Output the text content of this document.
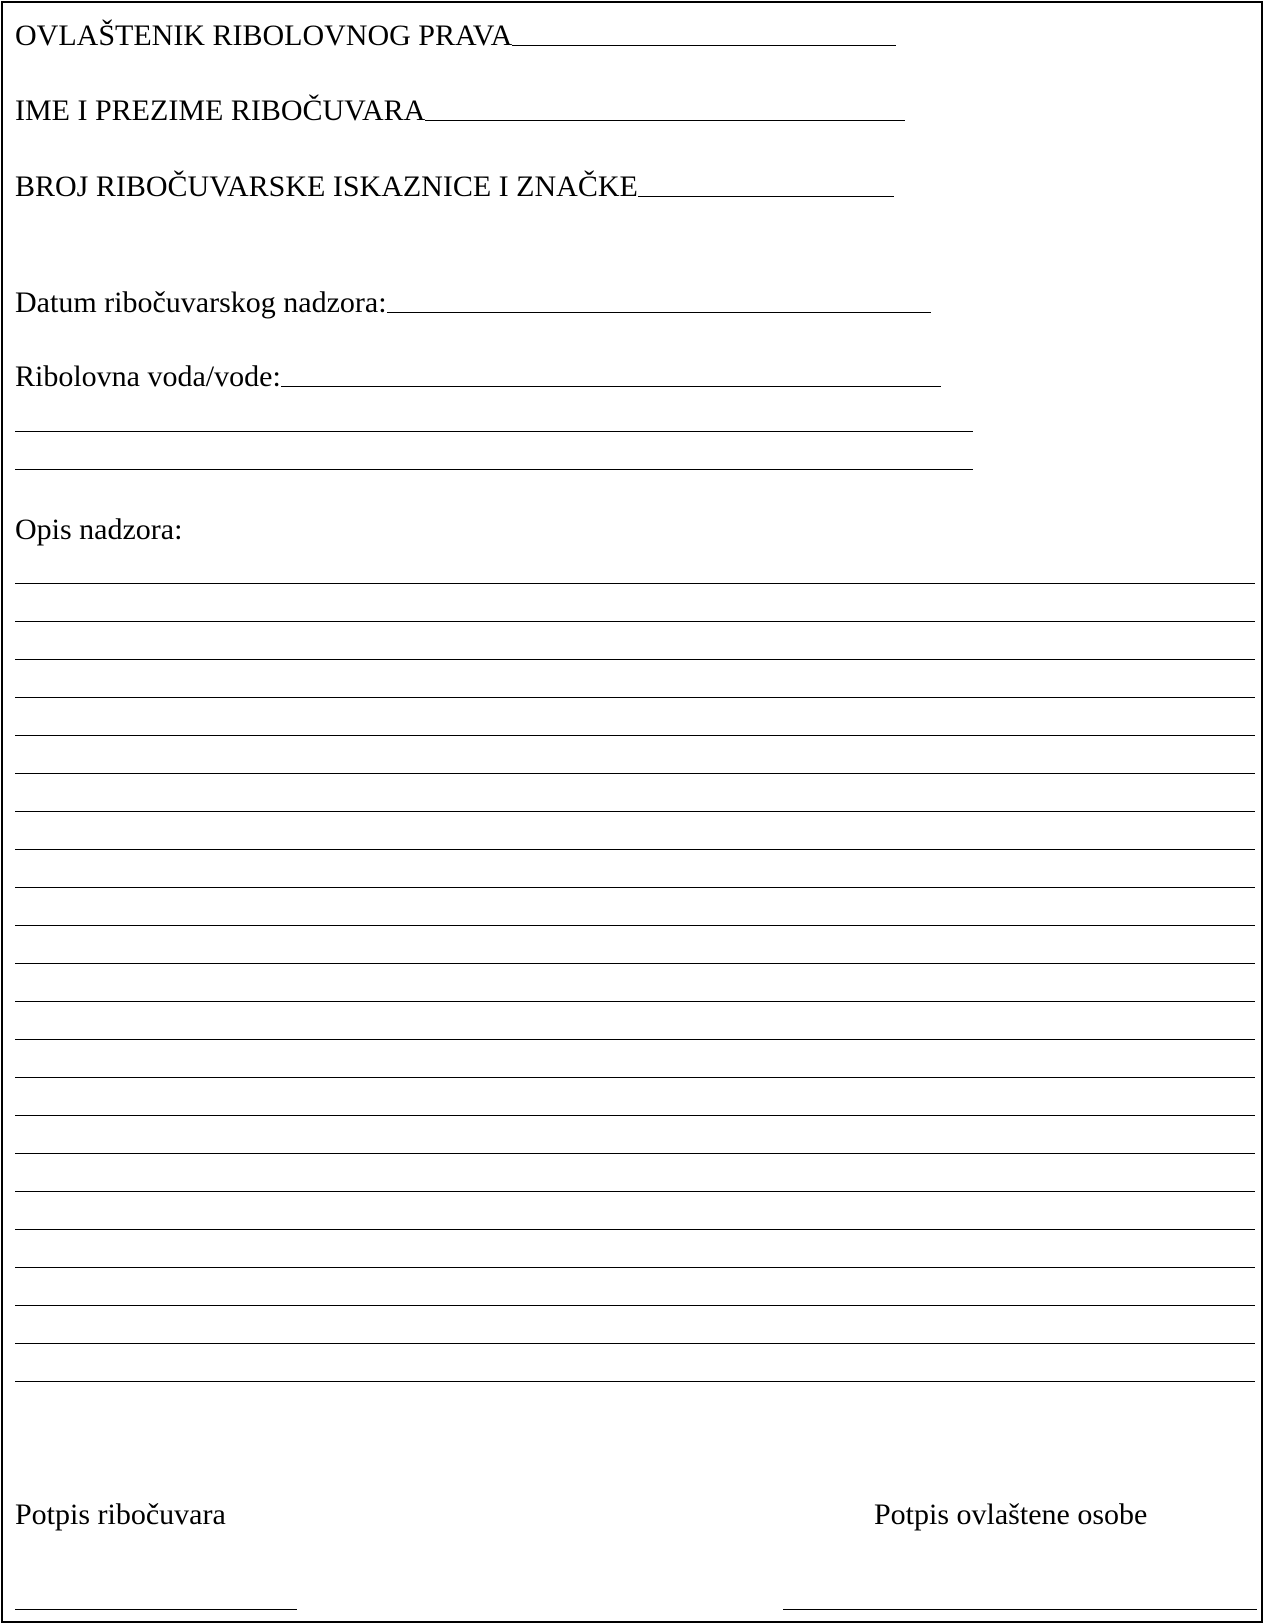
OVLAŠTENIK RIBOLOVNOG PRAVA
IME I PREZIME RIBOČUVARA
BROJ RIBOČUVARSKE ISKAZNICE I ZNAČKE
Datum ribočuvarskog nadzora:
Ribolovna voda/vode:
Opis nadzora:
Potpis ribočuvara	Potpis ovlaštene osobe
